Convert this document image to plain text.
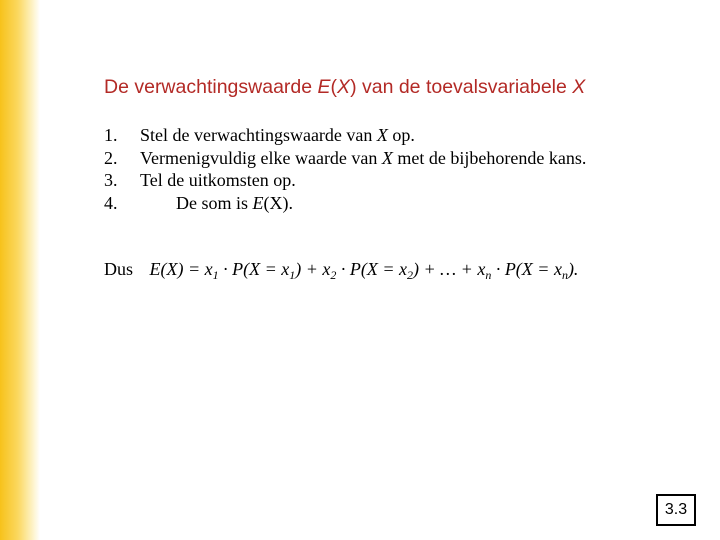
De verwachtingswaarde E(X) van de toevalsvariabele X
1. Stel de verwachtingswaarde van X op.
2. Vermenigvuldig elke waarde van X met de bijbehorende kans.
3. Tel de uitkomsten op.
4.	De som is E(X).
Dus $E(X) = x_1 \cdot P(X = x_1) + x_2 \cdot P(X = x_2)$ + … + $x_n \cdot P(X = x_n)$.
3.3
